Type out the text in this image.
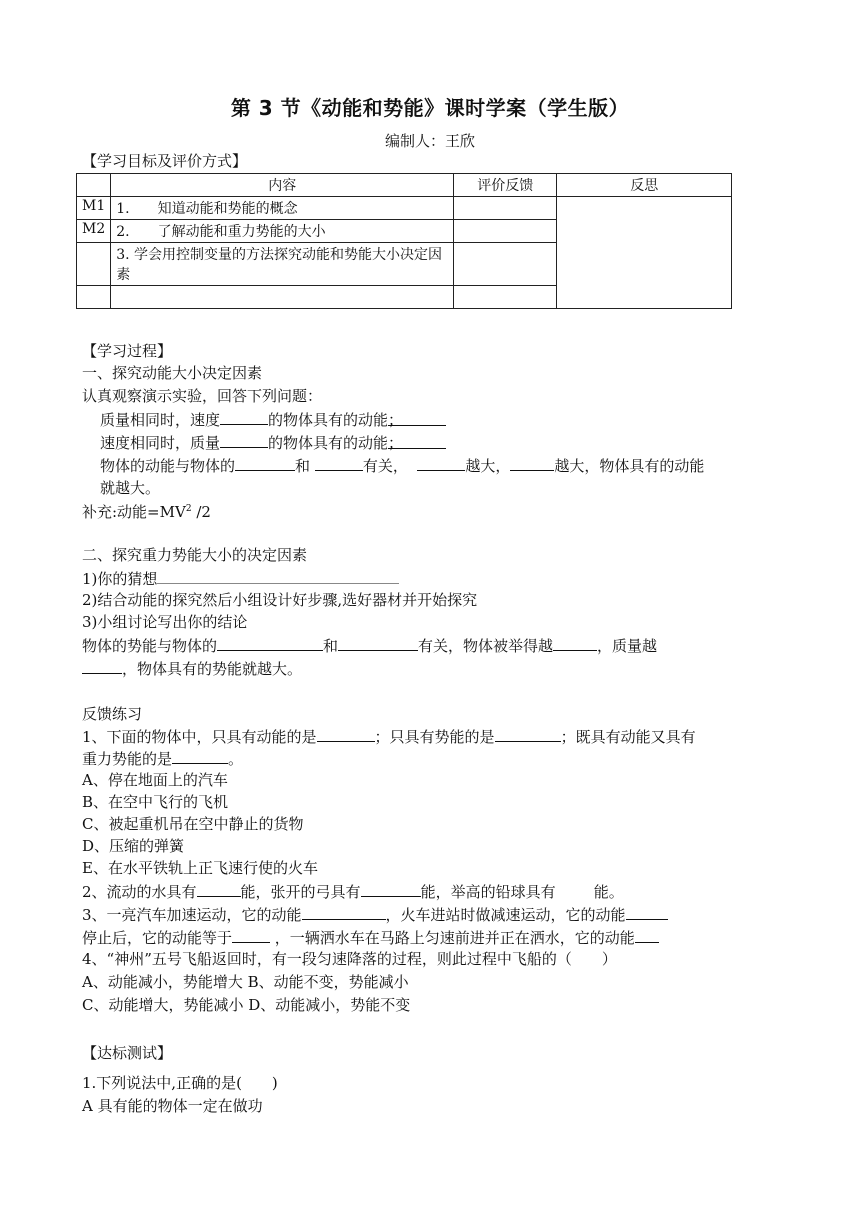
第 3 节《动能和势能》课时学案（学生版）
编制人：王欣
【学习目标及评价方式】
	内容	评价反馈	反思
M1	1.　　知道动能和势能的概念		
M2	2.　　了解动能和重力势能的大小		
	3. 学会用控制变量的方法探究动能和势能大小决定因素		

【学习过程】
一、探究动能大小决定因素
认真观察演示实验，回答下列问题：
质量相同时，速度	的物体具有的动能；
速度相同时，质量	的物体具有的动能；
物体的动能与物体的	和	有关，	越大，	越大，物体具有的动能
就越大。
补充:动能$=MV^2$ /2
二、探究重力势能大小的决定因素
1)你的猜想
2)结合动能的探究然后小组设计好步骤,选好器材并开始探究
3)小组讨论写出你的结论
物体的势能与物体的	和	有关，物体被举得越	，质量越
，物体具有的势能就越大。
反馈练习
1、下面的物体中，只具有动能的是	；只具有势能的是	；既具有动能又具有
重力势能的是	。
A、停在地面上的汽车
B、在空中飞行的飞机
C、被起重机吊在空中静止的货物
D、压缩的弹簧
E、在水平铁轨上正飞速行使的火车
2、流动的水具有	能，张开的弓具有	能，举高的铅球具有	能。
3、一亮汽车加速运动，它的动能	，火车进站时做减速运动，它的动能
停止后，它的动能等于	，一辆洒水车在马路上匀速前进并正在洒水，它的动能
4、“神州”五号飞船返回时，有一段匀速降落的过程，则此过程中飞船的（　　）
A、动能减小，势能增大 B、动能不变，势能减小
C、动能增大，势能减小 D、动能减小，势能不变
【达标测试】
1.下列说法中,正确的是(　　)
A 具有能的物体一定在做功
